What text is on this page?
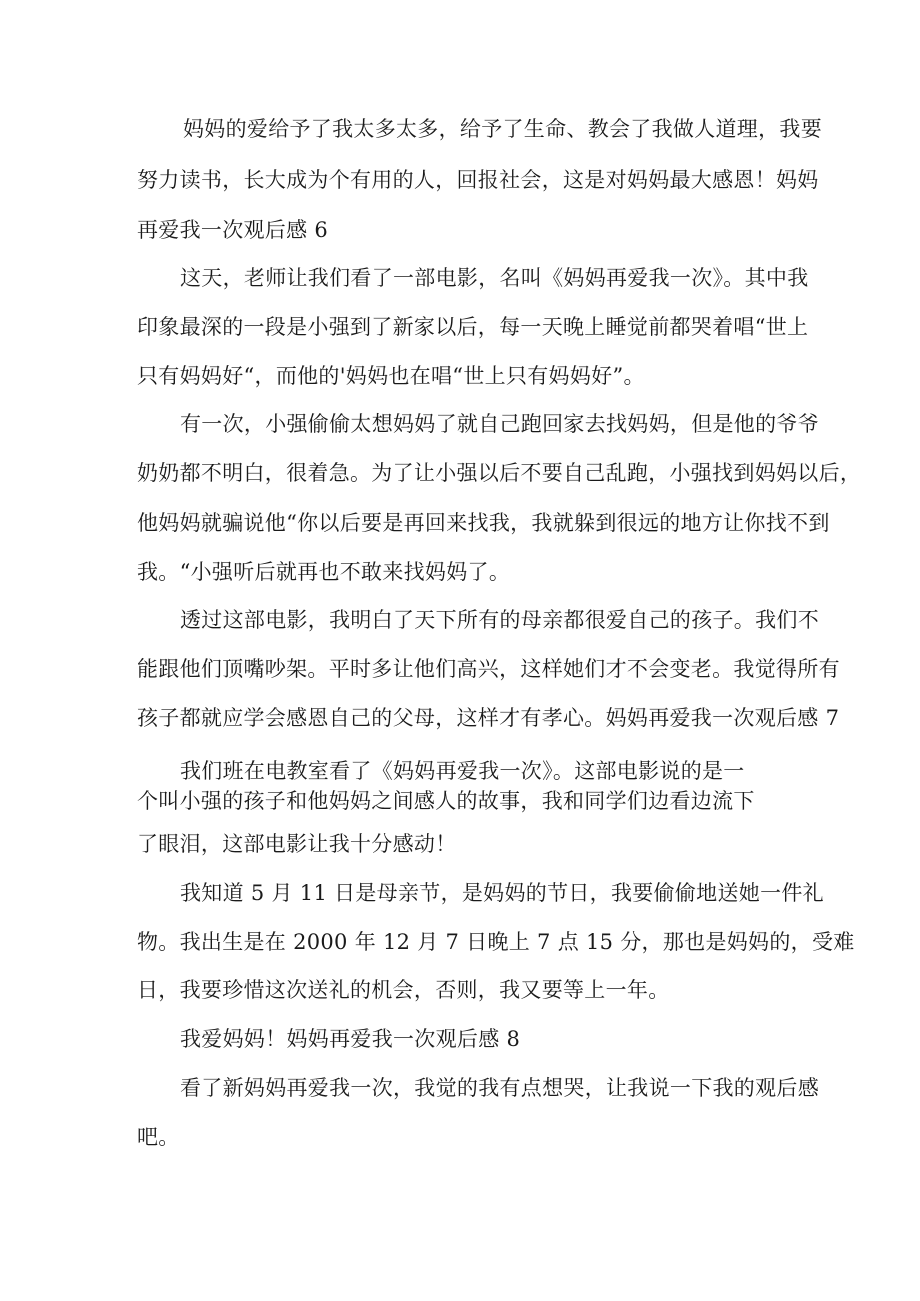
妈妈的爱给予了我太多太多，给予了生命、教会了我做人道理，我要
努力读书，长大成为个有用的人，回报社会，这是对妈妈最大感恩！妈妈
再爱我一次观后感 6
这天，老师让我们看了一部电影，名叫《妈妈再爱我一次》。其中我
印象最深的一段是小强到了新家以后，每一天晚上睡觉前都哭着唱“世上
只有妈妈好“，而他的'妈妈也在唱“世上只有妈妈好”。
有一次，小强偷偷太想妈妈了就自己跑回家去找妈妈，但是他的爷爷
奶奶都不明白，很着急。为了让小强以后不要自己乱跑，小强找到妈妈以后，
他妈妈就骗说他“你以后要是再回来找我，我就躲到很远的地方让你找不到
我。“小强听后就再也不敢来找妈妈了。
透过这部电影，我明白了天下所有的母亲都很爱自己的孩子。我们不
能跟他们顶嘴吵架。平时多让他们高兴，这样她们才不会变老。我觉得所有
孩子都就应学会感恩自己的父母，这样才有孝心。妈妈再爱我一次观后感 7
我们班在电教室看了《妈妈再爱我一次》。这部电影说的是一
个叫小强的孩子和他妈妈之间感人的故事，我和同学们边看边流下
了眼泪，这部电影让我十分感动！
我知道 5 月 11 日是母亲节，是妈妈的节日，我要偷偷地送她一件礼
物。我出生是在 2000 年 12 月 7 日晚上 7 点 15 分，那也是妈妈的，受难
日，我要珍惜这次送礼的机会，否则，我又要等上一年。
我爱妈妈！妈妈再爱我一次观后感 8
看了新妈妈再爱我一次，我觉的我有点想哭，让我说一下我的观后感
吧。
